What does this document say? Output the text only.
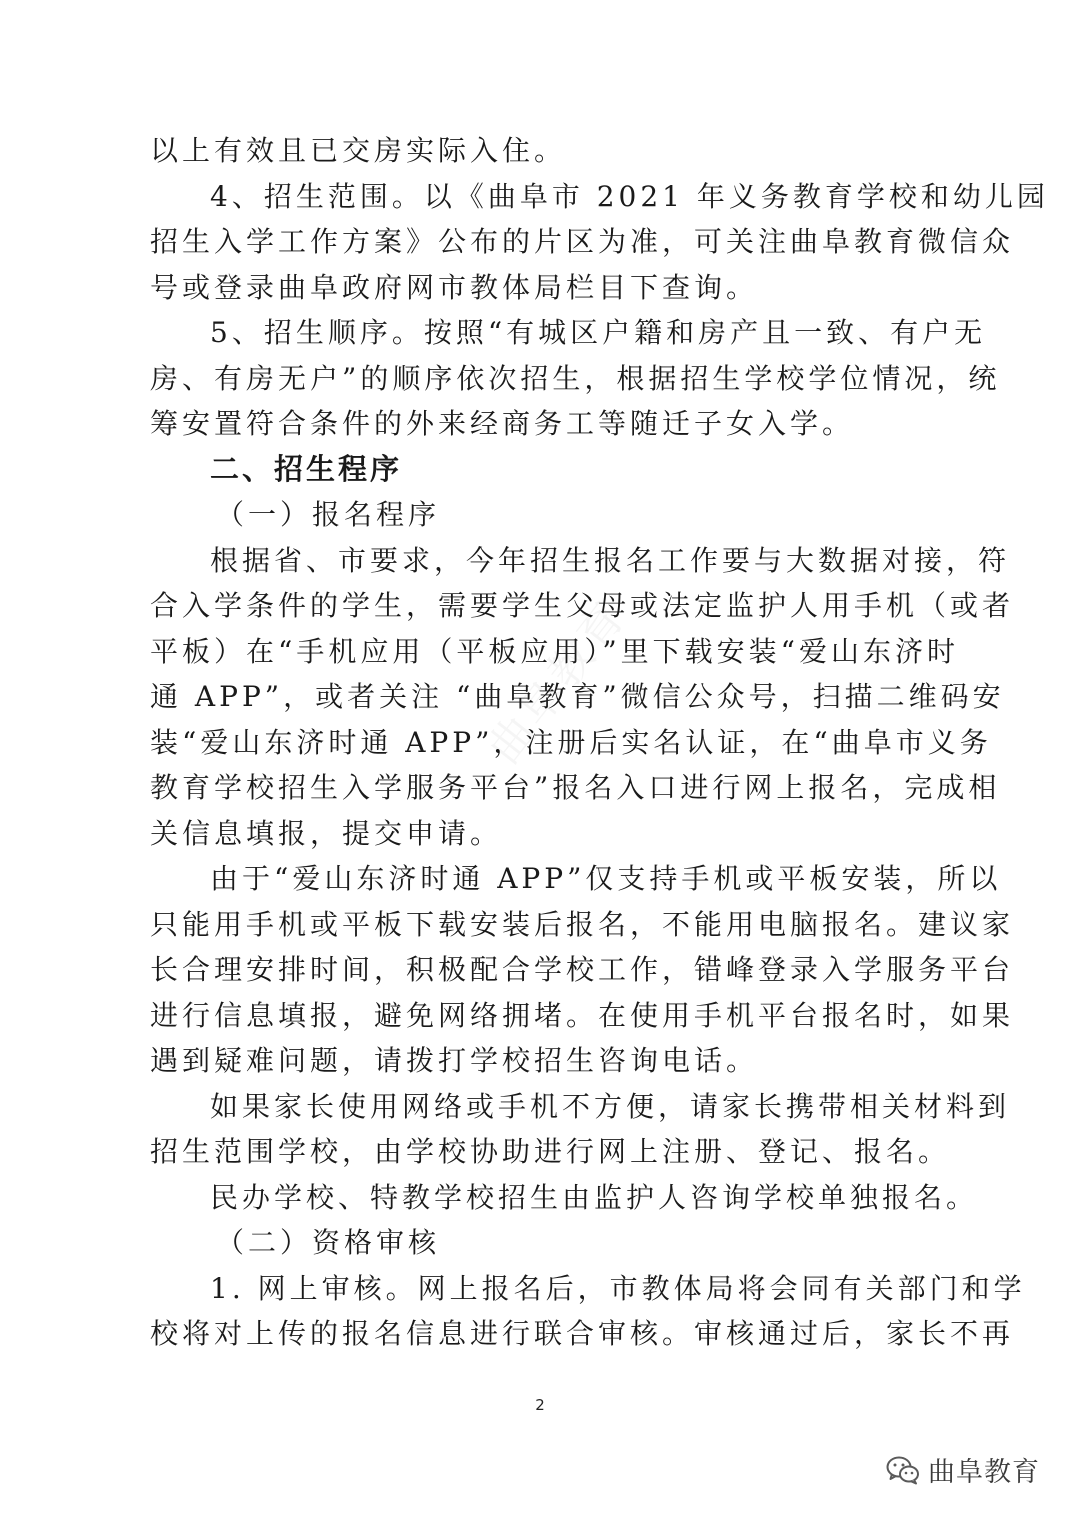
曲阜教育

以上有效且已交房实际入住。

4、招生范围。以《曲阜市 2021 年义务教育学校和幼儿园

招生入学工作方案》公布的片区为准，可关注曲阜教育微信众

号或登录曲阜政府网市教体局栏目下查询。

5、招生顺序。按照“有城区户籍和房产且一致、有户无

房、有房无户”的顺序依次招生，根据招生学校学位情况，统

筹安置符合条件的外来经商务工等随迁子女入学。

二、招生程序

（一）报名程序

根据省、市要求，今年招生报名工作要与大数据对接，符

合入学条件的学生，需要学生父母或法定监护人用手机（或者

平板）在“手机应用（平板应用）”里下载安装“爱山东济时

通 APP”，或者关注 “曲阜教育”微信公众号，扫描二维码安

装“爱山东济时通 APP”，注册后实名认证，在“曲阜市义务

教育学校招生入学服务平台”报名入口进行网上报名，完成相

关信息填报，提交申请。

由于“爱山东济时通 APP”仅支持手机或平板安装，所以

只能用手机或平板下载安装后报名，不能用电脑报名。建议家

长合理安排时间，积极配合学校工作，错峰登录入学服务平台

进行信息填报，避免网络拥堵。在使用手机平台报名时，如果

遇到疑难问题，请拨打学校招生咨询电话。

如果家长使用网络或手机不方便，请家长携带相关材料到

招生范围学校，由学校协助进行网上注册、登记、报名。

民办学校、特教学校招生由监护人咨询学校单独报名。

（二）资格审核

1. 网上审核。网上报名后，市教体局将会同有关部门和学

校将对上传的报名信息进行联合审核。审核通过后，家长不再

2
曲阜教育
